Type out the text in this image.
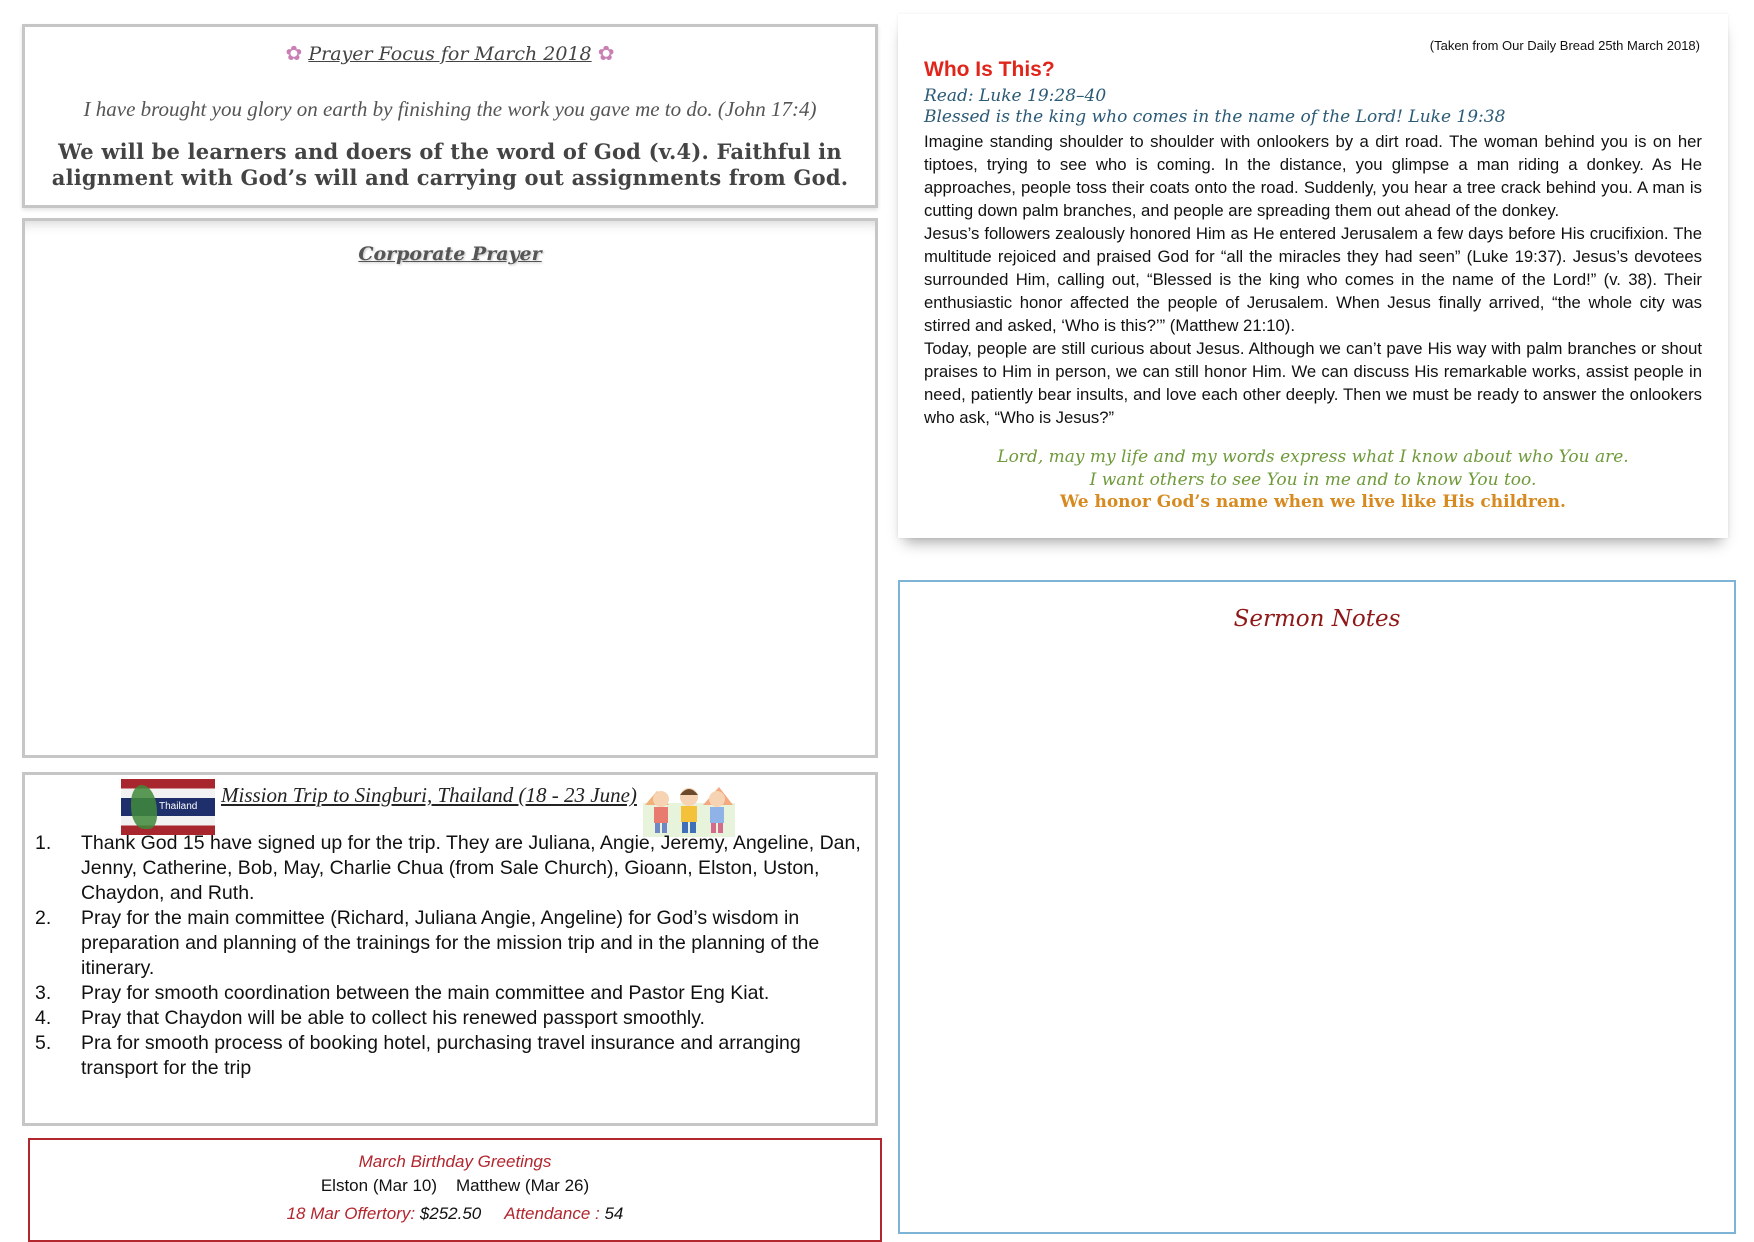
✿ Prayer Focus for March 2018 ✿
I have brought you glory on earth by finishing the work you gave me to do. (John 17:4)
We will be learners and doers of the word of God (v.4). Faithful in
alignment with God’s will and carrying out assignments from God.
Corporate Prayer
Thailand Mission Trip to Singburi, Thailand (18 - 23 June)
1. Thank God 15 have signed up for the trip. They are Juliana, Angie, Jeremy, Angeline, Dan, Jenny, Catherine, Bob, May, Charlie Chua (from Sale Church), Gioann, Elston, Uston, Chaydon, and Ruth.
2. Pray for the main committee (Richard, Juliana Angie, Angeline) for God’s wisdom in preparation and planning of the trainings for the mission trip and in the planning of the itinerary.
3. Pray for smooth coordination between the main committee and Pastor Eng Kiat.
4. Pray that Chaydon will be able to collect his renewed passport smoothly.
5. Pra for smooth process of booking hotel, purchasing travel insurance and arranging transport for the trip
March Birthday Greetings
Elston (Mar 10)    Matthew (Mar 26)
18 Mar Offertory: $252.50 Attendance : 54
(Taken from Our Daily Bread 25th March 2018)
Who Is This?
Read: Luke 19:28–40
Blessed is the king who comes in the name of the Lord! Luke 19:38

Imagine standing shoulder to shoulder with onlookers by a dirt road. The woman behind you is on her tiptoes, trying to see who is coming. In the distance, you glimpse a man riding a donkey. As He approaches, people toss their coats onto the road. Suddenly, you hear a tree crack behind you. A man is cutting down palm branches, and people are spreading them out ahead of the donkey.

Jesus’s followers zealously honored Him as He entered Jerusalem a few days before His crucifixion. The multitude rejoiced and praised God for “all the miracles they had seen” (Luke 19:37). Jesus’s devotees surrounded Him, calling out, “Blessed is the king who comes in the name of the Lord!” (v. 38). Their enthusiastic honor affected the people of Jerusalem. When Jesus finally arrived, “the whole city was stirred and asked, ‘Who is this?’” (Matthew 21:10).

Today, people are still curious about Jesus. Although we can’t pave His way with palm branches or shout praises to Him in person, we can still honor Him. We can discuss His remarkable works, assist people in need, patiently bear insults, and love each other deeply. Then we must be ready to answer the onlookers who ask, “Who is Jesus?”

Lord, may my life and my words express what I know about who You are.
I want others to see You in me and to know You too.
We honor God’s name when we live like His children.
Sermon Notes
